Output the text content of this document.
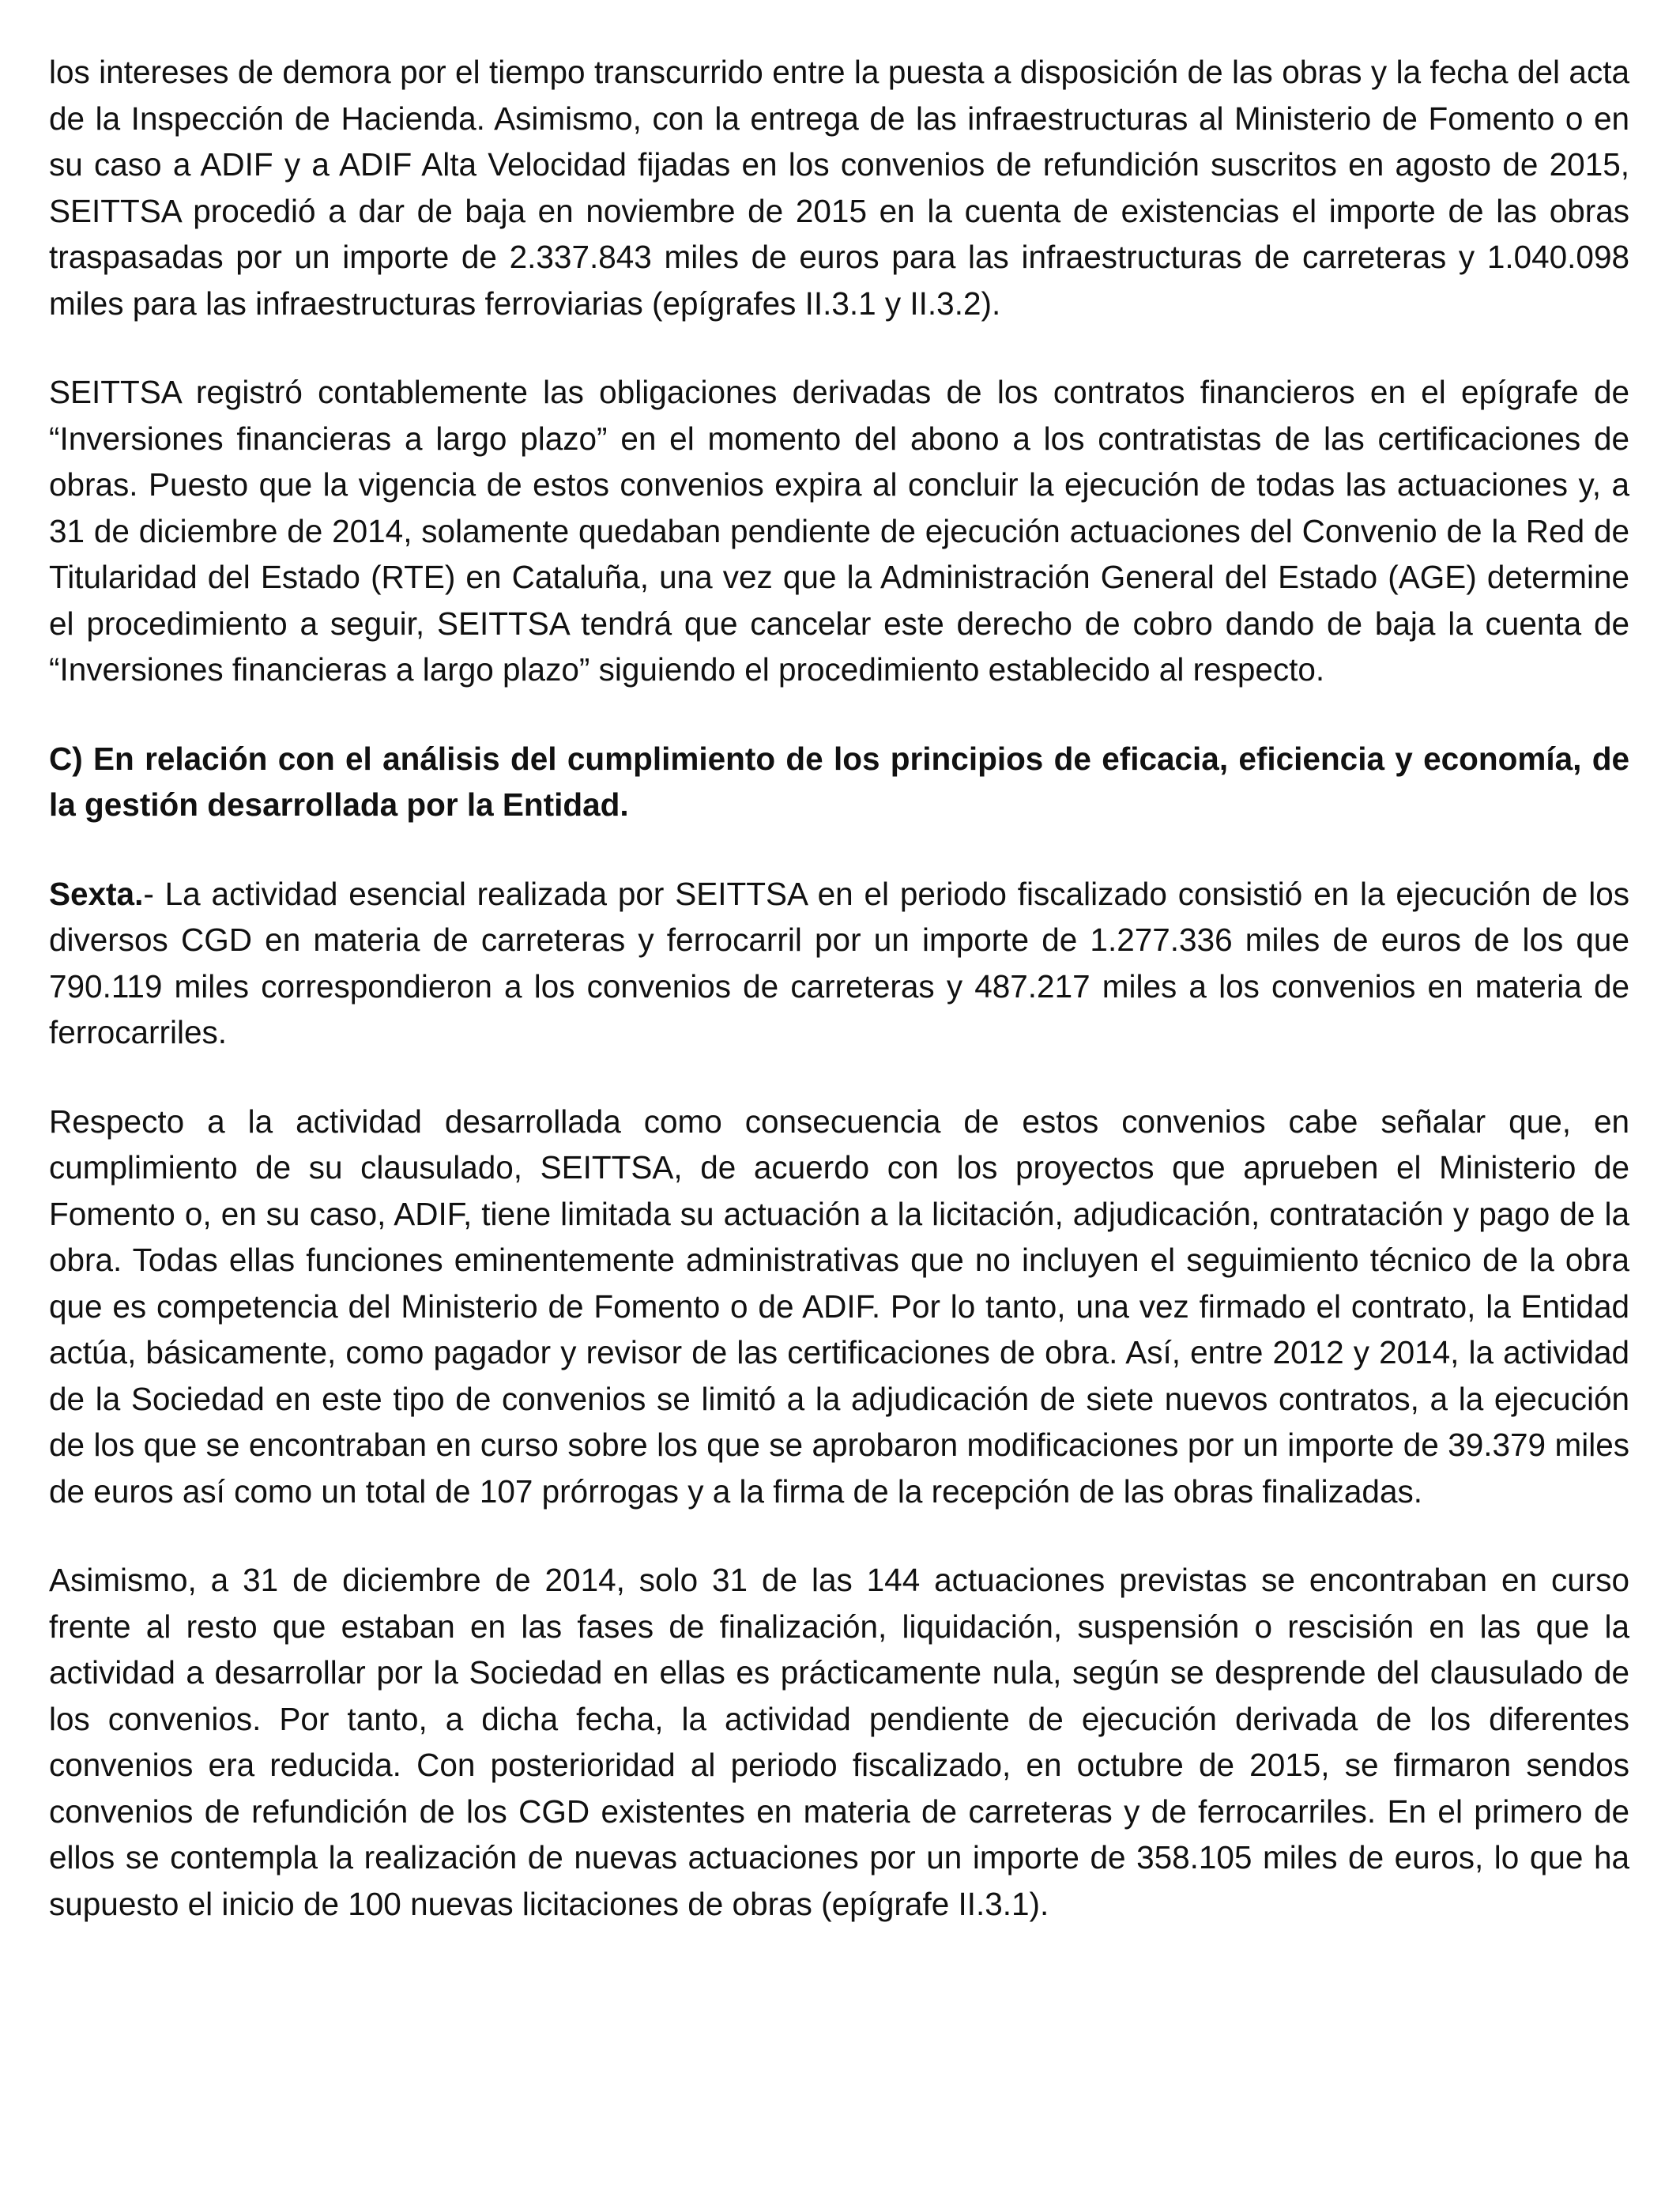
los intereses de demora por el tiempo transcurrido entre la puesta a disposición de las obras y la fecha del acta de la Inspección de Hacienda. Asimismo, con la entrega de las infraestructuras al Ministerio de Fomento o en su caso a ADIF y a ADIF Alta Velocidad fijadas en los convenios de refundición suscritos en agosto de 2015, SEITTSA procedió a dar de baja en noviembre de 2015 en la cuenta de existencias el importe de las obras traspasadas por un importe de 2.337.843 miles de euros para las infraestructuras de carreteras y 1.040.098 miles para las infraestructuras ferroviarias (epígrafes II.3.1 y II.3.2).

SEITTSA registró contablemente las obligaciones derivadas de los contratos financieros en el epígrafe de “Inversiones financieras a largo plazo” en el momento del abono a los contratistas de las certificaciones de obras. Puesto que la vigencia de estos convenios expira al concluir la ejecución de todas las actuaciones y, a 31 de diciembre de 2014, solamente quedaban pendiente de ejecución actuaciones del Convenio de la Red de Titularidad del Estado (RTE) en Cataluña, una vez que la Administración General del Estado (AGE) determine el procedimiento a seguir, SEITTSA tendrá que cancelar este derecho de cobro dando de baja la cuenta de “Inversiones financieras a largo plazo” siguiendo el procedimiento establecido al respecto.

C) En relación con el análisis del cumplimiento de los principios de eficacia, eficiencia y economía, de la gestión desarrollada por la Entidad.

Sexta.- La actividad esencial realizada por SEITTSA en el periodo fiscalizado consistió en la ejecución de los diversos CGD en materia de carreteras y ferrocarril por un importe de 1.277.336 miles de euros de los que 790.119 miles correspondieron a los convenios de carreteras y 487.217 miles a los convenios en materia de ferrocarriles.

Respecto a la actividad desarrollada como consecuencia de estos convenios cabe señalar que, en cumplimiento de su clausulado, SEITTSA, de acuerdo con los proyectos que aprueben el Ministerio de Fomento o, en su caso, ADIF, tiene limitada su actuación a la licitación, adjudicación, contratación y pago de la obra. Todas ellas funciones eminentemente administrativas que no incluyen el seguimiento técnico de la obra que es competencia del Ministerio de Fomento o de ADIF. Por lo tanto, una vez firmado el contrato, la Entidad actúa, básicamente, como pagador y revisor de las certificaciones de obra. Así, entre 2012 y 2014, la actividad de la Sociedad en este tipo de convenios se limitó a la adjudicación de siete nuevos contratos, a la ejecución de los que se encontraban en curso sobre los que se aprobaron modificaciones por un importe de 39.379 miles de euros así como un total de 107 prórrogas y a la firma de la recepción de las obras finalizadas.

Asimismo, a 31 de diciembre de 2014, solo 31 de las 144 actuaciones previstas se encontraban en curso frente al resto que estaban en las fases de finalización, liquidación, suspensión o rescisión en las que la actividad a desarrollar por la Sociedad en ellas es prácticamente nula, según se desprende del clausulado de los convenios. Por tanto, a dicha fecha, la actividad pendiente de ejecución derivada de los diferentes convenios era reducida. Con posterioridad al periodo fiscalizado, en octubre de 2015, se firmaron sendos convenios de refundición de los CGD existentes en materia de carreteras y de ferrocarriles. En el primero de ellos se contempla la realización de nuevas actuaciones por un importe de 358.105 miles de euros, lo que ha supuesto el inicio de 100 nuevas licitaciones de obras (epígrafe II.3.1).
